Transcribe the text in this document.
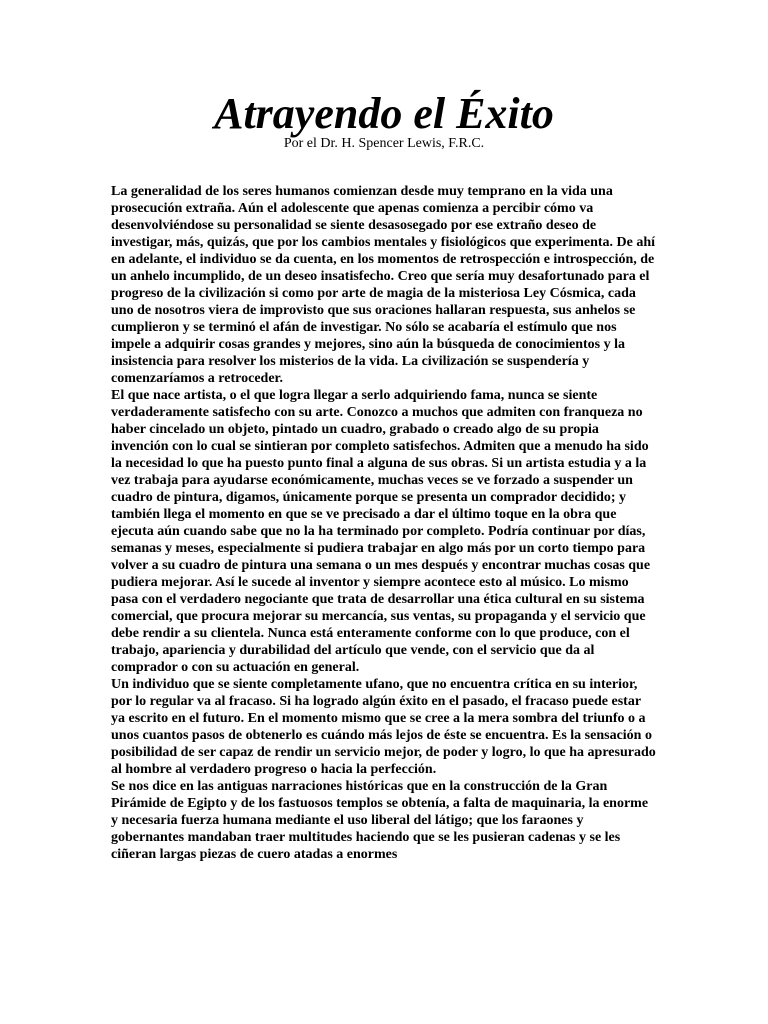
Atrayendo el Éxito
Por el Dr. H. Spencer Lewis, F.R.C.

La generalidad de los seres humanos comienzan desde muy temprano en la vida una prosecución extraña. Aún el adolescente que apenas comienza a percibir cómo va desenvolviéndose su personalidad se siente desasosegado por ese extraño deseo de investigar, más, quizás, que por los cambios mentales y fisiológicos que experimenta. De ahí en adelante, el individuo se da cuenta, en los momentos de retrospección e introspección, de un anhelo incumplido, de un deseo insatisfecho. Creo que sería muy desafortunado para el progreso de la civilización si como por arte de magia de la misteriosa Ley Cósmica, cada uno de nosotros viera de improvisto que sus oraciones hallaran respuesta, sus anhelos se cumplieron y se terminó el afán de investigar. No sólo se acabaría el estímulo que nos impele a adquirir cosas grandes y mejores, sino aún la búsqueda de conocimientos y la insistencia para resolver los misterios de la vida. La civilización se suspendería y comenzaríamos a retroceder.

El que nace artista, o el que logra llegar a serlo adquiriendo fama, nunca se siente verdaderamente satisfecho con su arte. Conozco a muchos que admiten con franqueza no haber cincelado un objeto, pintado un cuadro, grabado o creado algo de su propia invención con lo cual se sintieran por completo satisfechos. Admiten que a menudo ha sido la necesidad lo que ha puesto punto final a alguna de sus obras. Si un artista estudia y a la vez trabaja para ayudarse económicamente, muchas veces se ve forzado a suspender un cuadro de pintura, digamos, únicamente porque se presenta un comprador decidido; y también llega el momento en que se ve precisado a dar el último toque en la obra que ejecuta aún cuando sabe que no la ha terminado por completo. Podría continuar por días, semanas y meses, especialmente si pudiera trabajar en algo más por un corto tiempo para volver a su cuadro de pintura una semana o un mes después y encontrar muchas cosas que pudiera mejorar. Así le sucede al inventor y siempre acontece esto al músico. Lo mismo pasa con el verdadero negociante que trata de desarrollar una ética cultural en su sistema comercial, que procura mejorar su mercancía, sus ventas, su propaganda y el servicio que debe rendir a su clientela. Nunca está enteramente conforme con lo que produce, con el trabajo, apariencia y durabilidad del artículo que vende, con el servicio que da al comprador o con su actuación en general.

Un individuo que se siente completamente ufano, que no encuentra crítica en su interior, por lo regular va al fracaso. Si ha logrado algún éxito en el pasado, el fracaso puede estar ya escrito en el futuro. En el momento mismo que se cree a la mera sombra del triunfo o a unos cuantos pasos de obtenerlo es cuándo más lejos de éste se encuentra. Es la sensación o posibilidad de ser capaz de rendir un servicio mejor, de poder y logro, lo que ha apresurado al hombre al verdadero progreso o hacia la perfección.

Se nos dice en las antiguas narraciones históricas que en la construcción de la Gran Pirámide de Egipto y de los fastuosos templos se obtenía, a falta de maquinaria, la enorme y necesaria fuerza humana mediante el uso liberal del látigo; que los faraones y gobernantes mandaban traer multitudes haciendo que se les pusieran cadenas y se les ciñeran largas piezas de cuero atadas a enormes
